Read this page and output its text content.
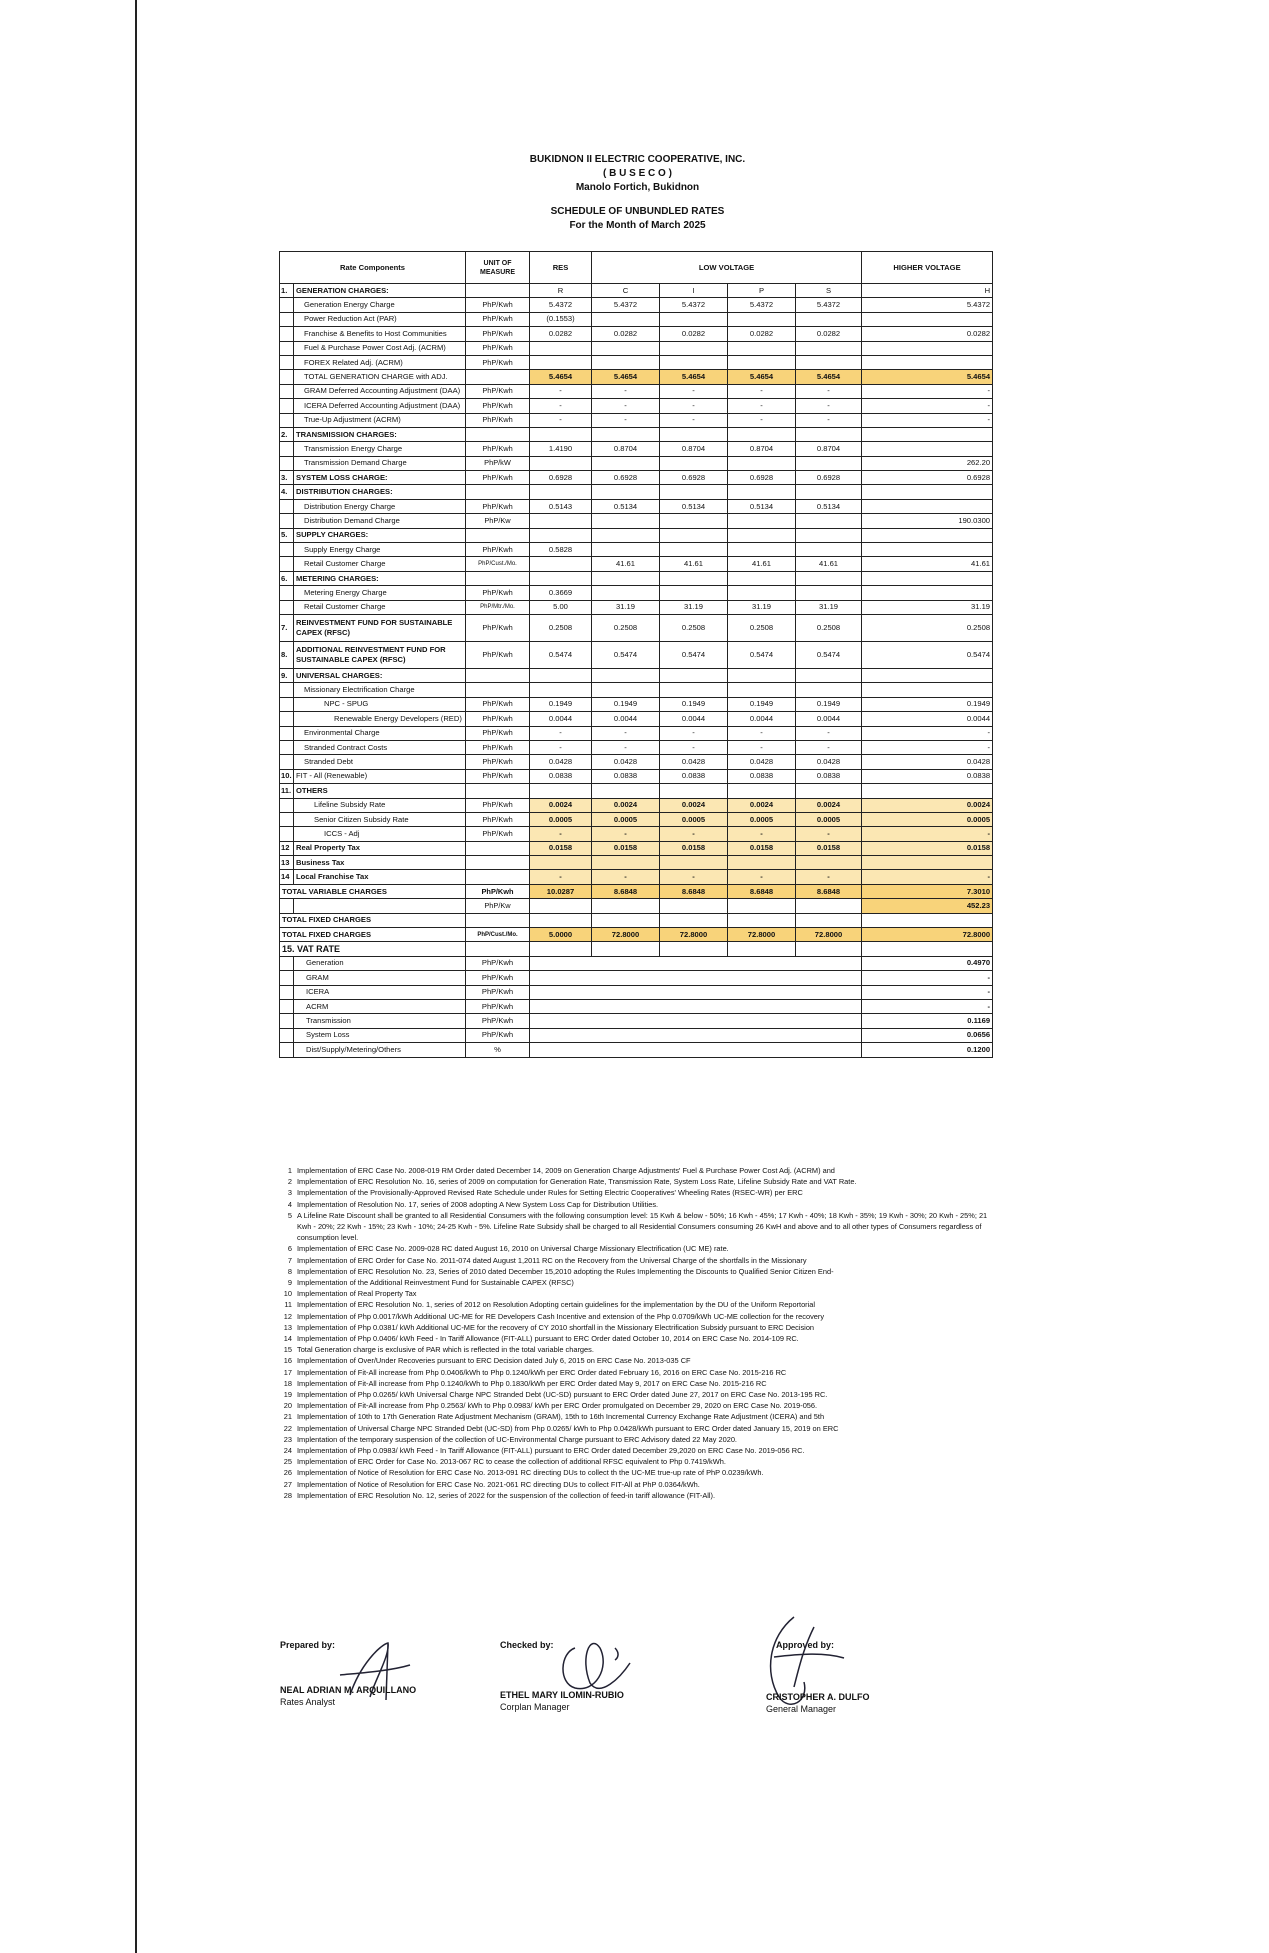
BUKIDNON II ELECTRIC COOPERATIVE, INC.
( B U S E C O )
Manolo Fortich, Bukidnon
SCHEDULE OF UNBUNDLED RATES
For the Month of March 2025
Rate Components		UNIT OF MEASURE	RES	LOW VOLTAGE				HIGHER VOLTAGE
1.	GENERATION CHARGES:		R	C	I	P	S	H
	Generation Energy Charge	PhP/Kwh	5.4372	5.4372	5.4372	5.4372	5.4372	5.4372
	Power Reduction Act (PAR)	PhP/Kwh	(0.1553)					
	Franchise & Benefits to Host Communities	PhP/Kwh	0.0282	0.0282	0.0282	0.0282	0.0282	0.0282
	Fuel & Purchase Power Cost Adj. (ACRM)	PhP/Kwh						
	FOREX Related Adj. (ACRM)	PhP/Kwh						
	TOTAL GENERATION CHARGE with ADJ.		5.4654	5.4654	5.4654	5.4654	5.4654	5.4654
	GRAM Deferred Accounting Adjustment (DAA)	PhP/Kwh	-	-	-	-	-	-
	ICERA Deferred Accounting Adjustment (DAA)	PhP/Kwh	-	-	-	-	-	-
	True-Up Adjustment (ACRM)	PhP/Kwh	-	-	-	-	-	-
2.	TRANSMISSION CHARGES:							
	Transmission Energy Charge	PhP/Kwh	1.4190	0.8704	0.8704	0.8704	0.8704	
	Transmission Demand Charge	PhP/kW						262.20
3.	SYSTEM LOSS CHARGE:	PhP/Kwh	0.6928	0.6928	0.6928	0.6928	0.6928	0.6928
4.	DISTRIBUTION CHARGES:							
	Distribution Energy Charge	PhP/Kwh	0.5143	0.5134	0.5134	0.5134	0.5134	
	Distribution Demand Charge	PhP/Kw						190.0300
5.	SUPPLY CHARGES:							
	Supply Energy Charge	PhP/Kwh	0.5828					
	Retail Customer Charge	PhP/Cust./Mo.		41.61	41.61	41.61	41.61	41.61
6.	METERING CHARGES:							
	Metering Energy Charge	PhP/Kwh	0.3669					
	Retail Customer Charge	PhP/Mtr./Mo.	5.00	31.19	31.19	31.19	31.19	31.19
7.	REINVESTMENT FUND FOR SUSTAINABLE CAPEX (RFSC)	PhP/Kwh	0.2508	0.2508	0.2508	0.2508	0.2508	0.2508
8.	ADDITIONAL REINVESTMENT FUND FOR SUSTAINABLE CAPEX (RFSC)	PhP/Kwh	0.5474	0.5474	0.5474	0.5474	0.5474	0.5474
9.	UNIVERSAL CHARGES:							
	Missionary Electrification Charge							
	NPC - SPUG	PhP/Kwh	0.1949	0.1949	0.1949	0.1949	0.1949	0.1949
	Renewable Energy Developers (RED)	PhP/Kwh	0.0044	0.0044	0.0044	0.0044	0.0044	0.0044
	Environmental Charge	PhP/Kwh	-	-	-	-	-	-
	Stranded Contract Costs	PhP/Kwh	-	-	-	-	-	-
	Stranded Debt	PhP/Kwh	0.0428	0.0428	0.0428	0.0428	0.0428	0.0428
10.	FIT - All (Renewable)	PhP/Kwh	0.0838	0.0838	0.0838	0.0838	0.0838	0.0838
11.	OTHERS							
	Lifeline Subsidy Rate	PhP/Kwh	0.0024	0.0024	0.0024	0.0024	0.0024	0.0024
	Senior Citizen Subsidy Rate	PhP/Kwh	0.0005	0.0005	0.0005	0.0005	0.0005	0.0005
	ICCS - Adj	PhP/Kwh	-	-	-	-	-	-
12	Real Property Tax		0.0158	0.0158	0.0158	0.0158	0.0158	0.0158
13	Business Tax							
14	Local Franchise Tax		-	-	-	-	-	-
TOTAL VARIABLE CHARGES		PhP/Kwh	10.0287	8.6848	8.6848	8.6848	8.6848	7.3010
		PhP/Kw						452.23
TOTAL FIXED CHARGES								
TOTAL FIXED CHARGES		PhP/Cust./Mo.	5.0000	72.8000	72.8000	72.8000	72.8000	72.8000
15. VAT RATE								
	Generation	PhP/Kwh						0.4970
	GRAM	PhP/Kwh						-
	ICERA	PhP/Kwh						-
	ACRM	PhP/Kwh						-
	Transmission	PhP/Kwh						0.1169
	System Loss	PhP/Kwh						0.0656
	Dist/Supply/Metering/Others	%						0.1200
1 Implementation of ERC Case No. 2008-019 RM Order dated December 14, 2009 on Generation Charge Adjustments' Fuel & Purchase Power Cost Adj. (ACRM) and
2 Implementation of ERC Resolution No. 16, series of 2009 on computation for Generation Rate, Transmission Rate, System Loss Rate, Lifeline Subsidy Rate and VAT Rate.
3 Implementation of the Provisionally-Approved Revised Rate Schedule under Rules for Setting Electric Cooperatives' Wheeling Rates (RSEC-WR) per ERC
4 Implementation of Resolution No. 17, series of 2008 adopting A New System Loss Cap for Distribution Utilities.
5 A Lifeline Rate Discount shall be granted to all Residential Consumers with the following consumption level: 15 Kwh & below - 50%; 16 Kwh - 45%; 17 Kwh - 40%; 18 Kwh - 35%; 19 Kwh - 30%; 20 Kwh - 25%; 21 Kwh - 20%; 22 Kwh - 15%; 23 Kwh - 10%; 24-25 Kwh - 5%. Lifeline Rate Subsidy shall be charged to all Residential Consumers consuming 26 KwH and above and to all other types of Consumers regardless of consumption level.
6 Implementation of ERC Case No. 2009-028 RC dated August 16, 2010 on Universal Charge Missionary Electrification (UC ME) rate.
7 Implementation of ERC Order for Case No. 2011-074 dated August 1,2011 RC on the Recovery from the Universal Charge of the shortfalls in the Missionary
8 Implementation of ERC Resolution No. 23, Series of 2010 dated December 15,2010 adopting the Rules Implementing the Discounts to Qualified Senior Citizen End-
9 Implementation of the Additional Reinvestment Fund for Sustainable CAPEX (RFSC)
10 Implementation of Real Property Tax
11 Implementation of ERC Resolution No. 1, series of 2012 on Resolution Adopting certain guidelines for the implementation by the DU of the Uniform Reportorial
12 Implementation of Php 0.0017/kWh Additional UC-ME for RE Developers Cash Incentive and extension of the Php 0.0709/kWh UC-ME collection for the recovery
13 Implementation of Php 0.0381/ kWh Additional UC-ME for the recovery of CY 2010 shortfall in the Missionary Electrification Subsidy pursuant to ERC Decision
14 Implementation of Php 0.0406/ kWh Feed - In Tariff Allowance (FIT-ALL) pursuant to ERC Order dated October 10, 2014 on ERC Case No. 2014-109 RC.
15 Total Generation charge is exclusive of PAR which is reflected in the total variable charges.
16 Implementation of Over/Under Recoveries pursuant to ERC Decision dated July 6, 2015 on ERC Case No. 2013-035 CF
17 Implementation of Fit-All increase from Php 0.0406/kWh to Php 0.1240/kWh per ERC Order dated February 16, 2016 on ERC Case No. 2015-216 RC
18 Implementation of Fit-All increase from Php 0.1240/kWh to Php 0.1830/kWh per ERC Order dated May 9, 2017 on ERC Case No. 2015-216 RC
19 Implementation of Php 0.0265/ kWh Universal Charge NPC Stranded Debt (UC-SD) pursuant to ERC Order dated June 27, 2017 on ERC Case No. 2013-195 RC.
20 Implementation of Fit-All increase from Php 0.2563/ kWh to Php 0.0983/ kWh per ERC Order promulgated on December 29, 2020 on ERC Case No. 2019-056.
21 Implementation of 10th to 17th Generation Rate Adjustment Mechanism (GRAM), 15th to 16th Incremental Currency Exchange Rate Adjustment (ICERA) and 5th
22 Implementation of Universal Charge NPC Stranded Debt (UC-SD) from Php 0.0265/ kWh to Php 0.0428/kWh pursuant to ERC Order dated January 15, 2019 on ERC
23 Implentation of the temporary suspension of the collection of UC-Environmental Charge pursuant to ERC Advisory dated 22 May 2020.
24 Implementation of Php 0.0983/ kWh Feed - In Tariff Allowance (FIT-ALL) pursuant to ERC Order dated December 29,2020 on ERC Case No. 2019-056 RC.
25 Implementation of ERC Order for Case No. 2013-067 RC to cease the collection of additional RFSC equivalent to Php 0.7419/kWh.
26 Implementation of Notice of Resolution for ERC Case No. 2013-091 RC directing DUs to collect th the UC-ME true-up rate of PhP 0.0239/kWh.
27 Implementation of Notice of Resolution for ERC Case No. 2021-061 RC directing DUs to collect FIT-All at PhP 0.0364/kWh.
28 Implementation of ERC Resolution No. 12, series of 2022 for the suspension of the collection of feed-in tariff allowance (FIT-All).
Prepared by:
NEAL ADRIAN M. ARQUILLANO
Rates Analyst
Checked by:
ETHEL MARY ILOMIN-RUBIO
Corplan Manager
Approved by:
CRISTOPHER A. DULFO
General Manager
